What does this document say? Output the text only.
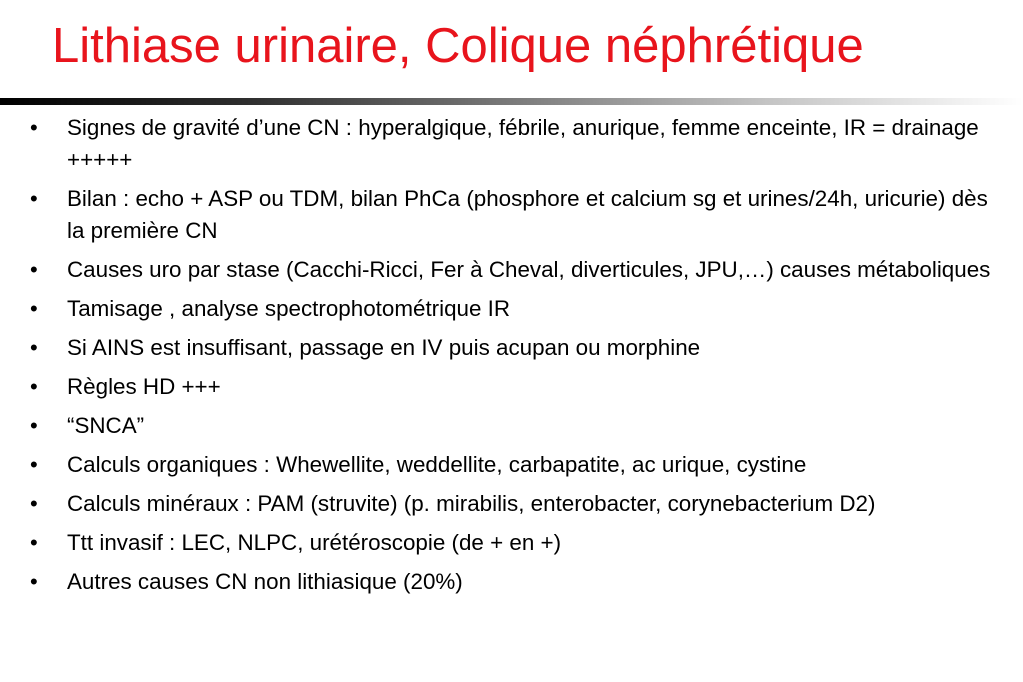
Lithiase urinaire, Colique néphrétique
• Signes de gravité d’une CN : hyperalgique, fébrile, anurique, femme enceinte, IR = drainage +++++
• Bilan : echo + ASP ou TDM, bilan PhCa (phosphore et calcium sg et urines/24h, uricurie) dès la première CN
• Causes uro par stase (Cacchi-Ricci, Fer à Cheval, diverticules, JPU,…) causes métaboliques
• Tamisage , analyse spectrophotométrique IR
• Si AINS est insuffisant, passage en IV puis acupan ou morphine
• Règles HD +++
• “SNCA”
• Calculs organiques : Whewellite, weddellite, carbapatite, ac urique, cystine
• Calculs minéraux : PAM (struvite) (p. mirabilis, enterobacter, corynebacterium D2)
• Ttt invasif : LEC, NLPC, urétéroscopie (de + en +)
• Autres causes CN non lithiasique (20%)
